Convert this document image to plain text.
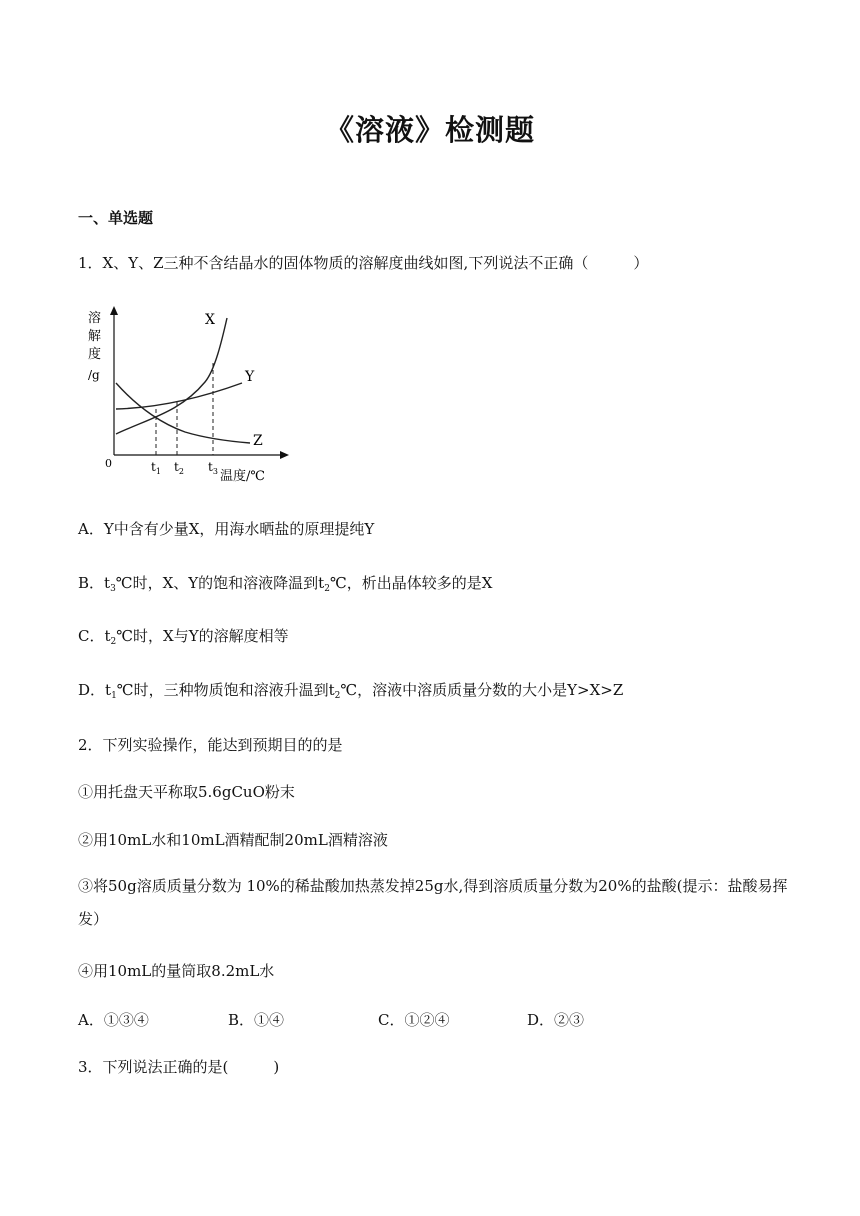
《溶液》检测题
一、单选题
1．X、Y、Z三种不含结晶水的固体物质的溶解度曲线如图,下列说法不正确（　　　）
溶
解
度
/g
0
X
Y
Z
$t_1$ $t_2$ $t_3$ 温度/℃
A．Y中含有少量X，用海水晒盐的原理提纯Y
B．$t_3℃$时，X、Y的饱和溶液降温到$t_2℃$，析出晶体较多的是X
C．$t_2℃$时，X与Y的溶解度相等
D．$t_1℃$时，三种物质饱和溶液升温到$t_2℃$，溶液中溶质质量分数的大小是Y>X>Z
2．下列实验操作，能达到预期目的的是
①用托盘天平称取5.6gCuO粉末
②用10mL水和10mL酒精配制20mL酒精溶液
③将50g溶质质量分数为 10%的稀盐酸加热蒸发掉25g水,得到溶质质量分数为20%的盐酸(提示：盐酸易挥发）
④用10mL的量筒取8.2mL水
A．①③④	B．①④	C．①②④	D．②③
3．下列说法正确的是(　　　)
